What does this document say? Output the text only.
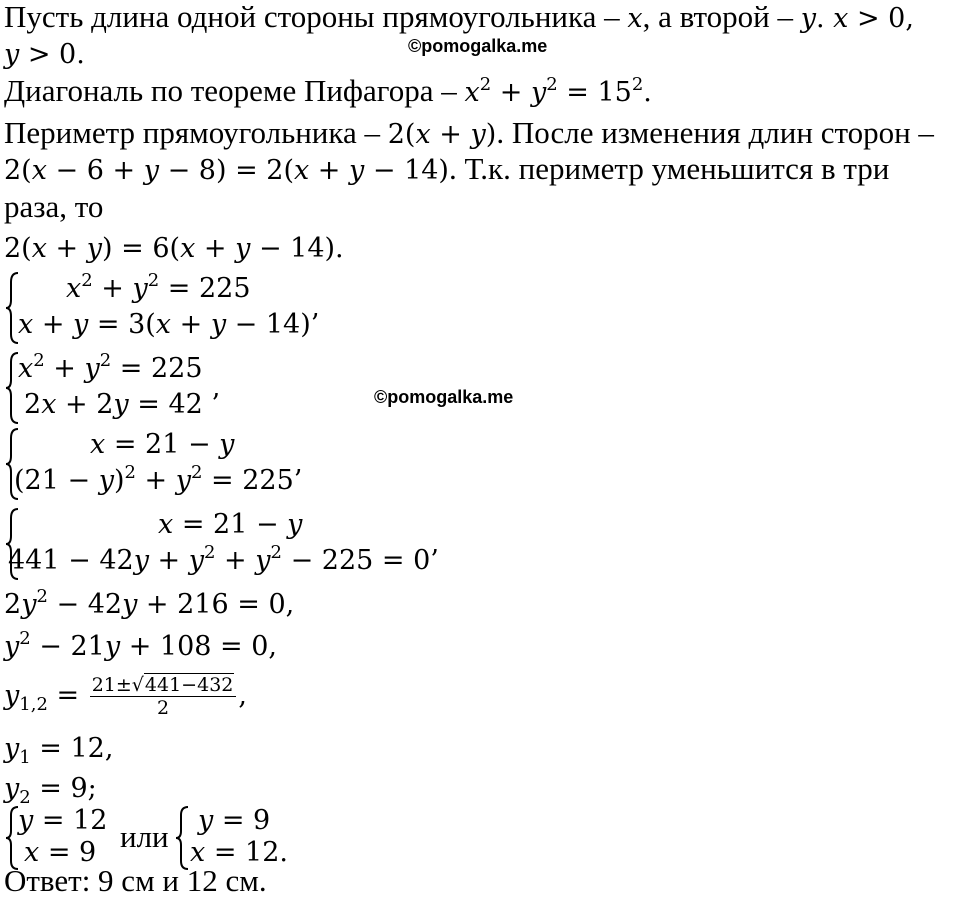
©pomogalka.me
©pomogalka.me
Пусть длина одной стороны прямоугольника – x, а второй – y. x > 0,
y > 0.
Диагональ по теореме Пифагора – $x^2 + y^2 = 15^2$.
Периметр прямоугольника – 2(x + y). После изменения длин сторон –
2(x − 6 + y − 8) = 2(x + y − 14). Т.к. периметр уменьшится в три
раза, то
2(x + y) = 6(x + y − 14).
$x^2 + y^2 = 225$
x + y = 3(x + y − 14)’
$x^2 + y^2 = 225$
2x + 2y = 42 ’
x = 21 − y
$(21 - y)^2 + y^2 = 225$’
x = 21 − y
$441 - 42y + y^2 + y^2 - 225 = 0$’
$2y^2 - 42y + 216 = 0$,
$y^2 - 21y + 108 = 0$,
$y_{1,2} = \frac{21\pm√441-432}{2}$ ,
$y_1 = 12$,
$y_2 = 9$;
y = 12
x = 9 или y = 9
x = 12.
Ответ: 9 см и 12 см.
